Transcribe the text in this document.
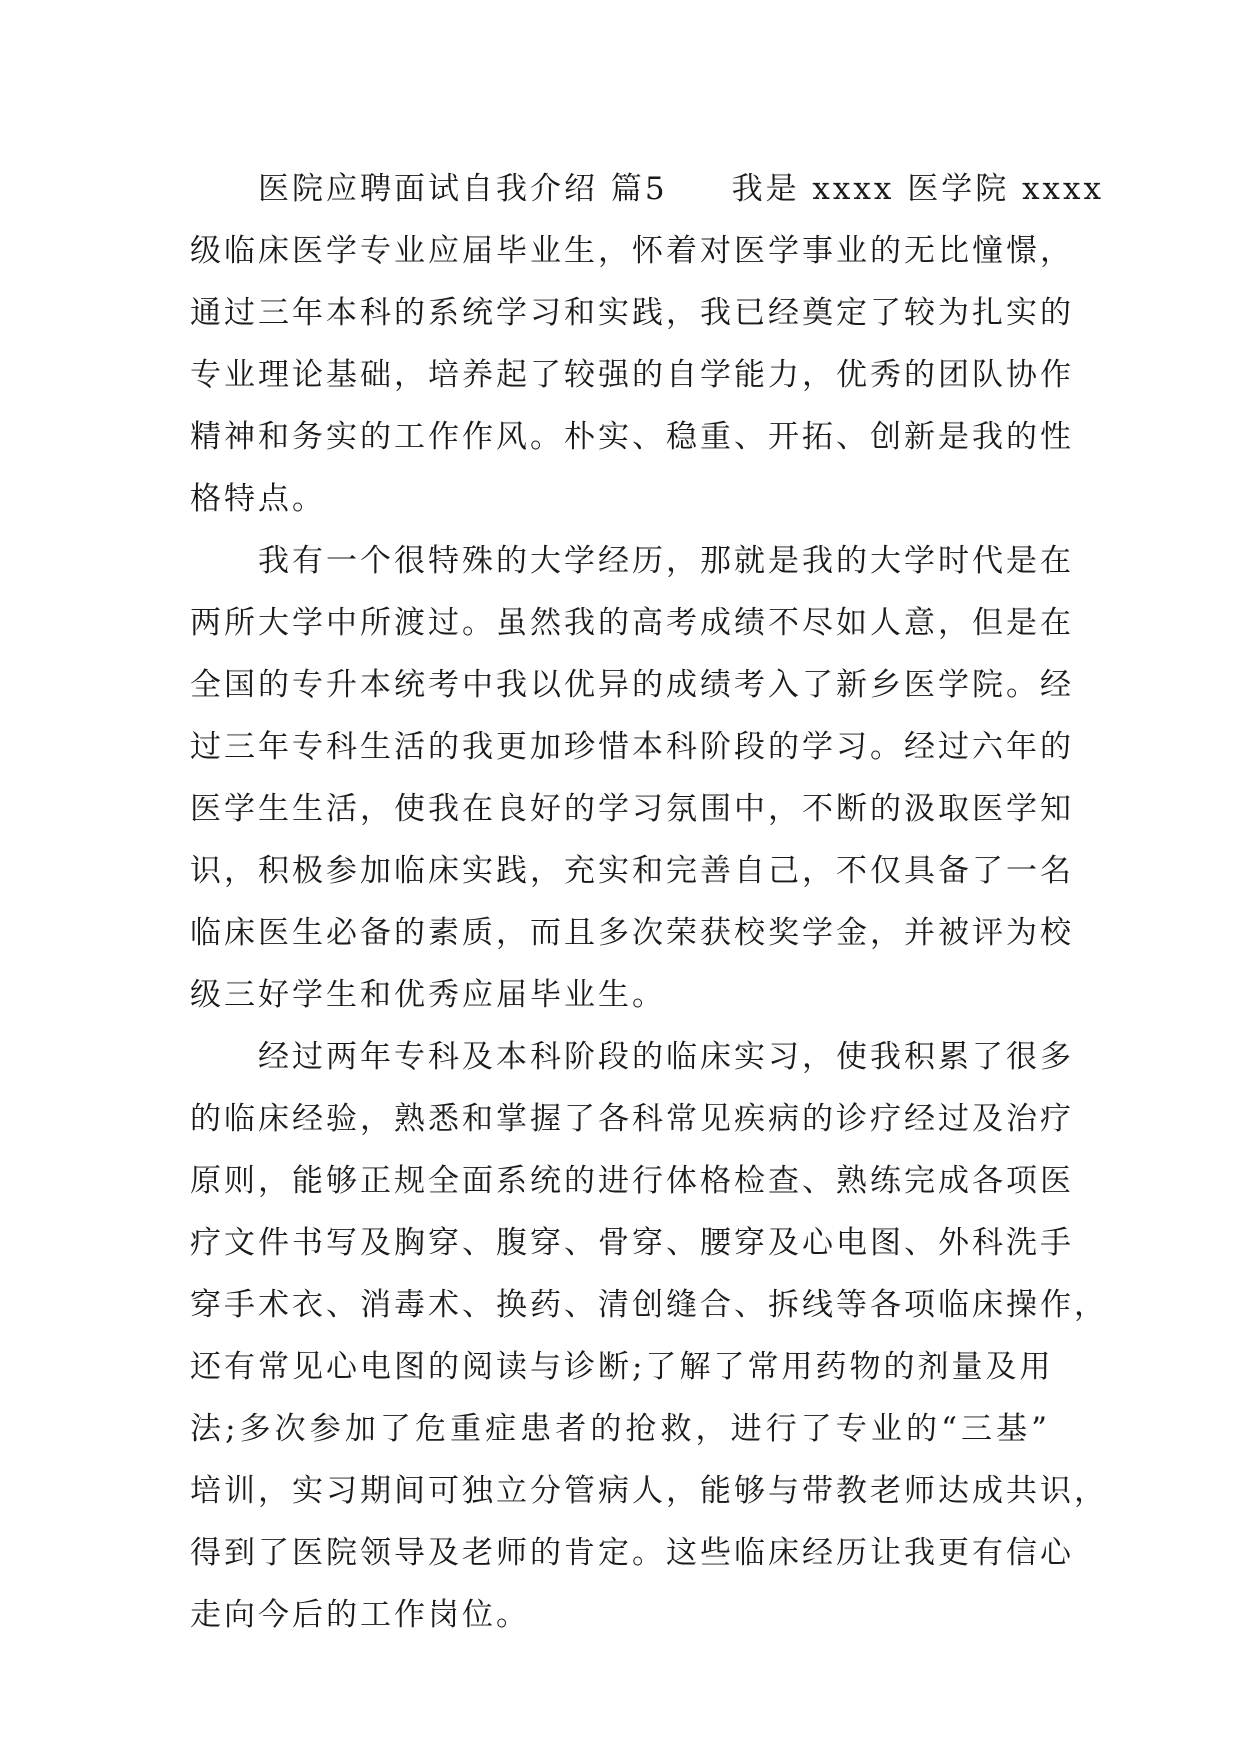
医院应聘面试自我介绍 篇5 我是 xxxx 医学院 xxxx
级临床医学专业应届毕业生，怀着对医学事业的无比憧憬，
通过三年本科的系统学习和实践，我已经奠定了较为扎实的
专业理论基础，培养起了较强的自学能力，优秀的团队协作
精神和务实的工作作风。朴实、稳重、开拓、创新是我的性
格特点。
我有一个很特殊的大学经历，那就是我的大学时代是在
两所大学中所渡过。虽然我的高考成绩不尽如人意，但是在
全国的专升本统考中我以优异的成绩考入了新乡医学院。经
过三年专科生活的我更加珍惜本科阶段的学习。经过六年的
医学生生活，使我在良好的学习氛围中，不断的汲取医学知
识，积极参加临床实践，充实和完善自己，不仅具备了一名
临床医生必备的素质，而且多次荣获校奖学金，并被评为校
级三好学生和优秀应届毕业生。
经过两年专科及本科阶段的临床实习，使我积累了很多
的临床经验，熟悉和掌握了各科常见疾病的诊疗经过及治疗
原则，能够正规全面系统的进行体格检查、熟练完成各项医
疗文件书写及胸穿、腹穿、骨穿、腰穿及心电图、外科洗手
穿手术衣、消毒术、换药、清创缝合、拆线等各项临床操作，
还有常见心电图的阅读与诊断;了解了常用药物的剂量及用
法;多次参加了危重症患者的抢救，进行了专业的“三基”
培训，实习期间可独立分管病人，能够与带教老师达成共识，
得到了医院领导及老师的肯定。这些临床经历让我更有信心
走向今后的工作岗位。
